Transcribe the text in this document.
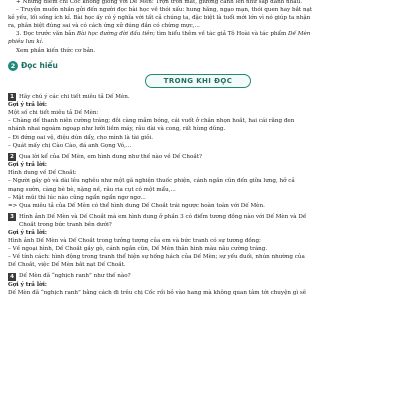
+ Những điểm chỉ Cốc không giống với Dế Mèn: Trợn tròn mắt, giương cánh lên như sắp đánh nhau.
– Truyện muốn nhắn gửi đến người đọc bài học về thói xấu: hung hăng, ngạo mạn, thói quen hay bắt nạt
kẻ yếu, lối sống ích kỉ. Bài học ấy có ý nghĩa với tất cả chúng ta, đặc biệt là tuổi mới lớn vì nó giúp ta nhận
ra, phân biệt đúng sai và có cách ứng xử đúng đắn có chừng mực,...
3. Đọc trước văn bản Bài học đường đời đầu tiên; tìm hiểu thêm về tác giả Tô Hoài và tác phẩm Dế Mèn
phiêu lưu kí.
Xem phần kiến thức cơ bản.
2 Đọc hiểu
TRONG KHI ĐỌC
1 Hãy chú ý các chi tiết miêu tả Dế Mèn.
Gợi ý trả lời:
Một số chi tiết miêu tả Dế Mèn:
– Chàng dế thanh niên cường tráng; đôi càng mẫm bóng, cái vuốt ở chân nhọn hoắt, hai cái răng đen
nhánh nhai ngoàm ngoạp như lưỡi liềm máy, râu dài và cong, rất hùng dũng.
– Đi đứng oai vệ, điệu dún dẩy, cho mình là tài giỏi.
– Quát mấy chị Cào Cào, đá anh Gọng Vó,...
2 Qua lời kể của Dế Mèn, em hình dung như thế nào về Dế Choắt?
Gợi ý trả lời:
Hình dung về Dế Choắt:
– Người gầy gò và dài lêu nghêu như một gã nghiện thuốc phiện, cánh ngắn cũn đến giữa lưng, hở cả
mạng sườn, càng bè bè, nặng nề, râu ria cụt có một mẩu,...
– Mặt mũi thì lúc nào cũng ngẩn ngẩn ngơ ngơ...
=> Qua miêu tả của Dế Mèn có thể hình dung Dế Choắt trái ngược hoàn toàn với Dế Mèn.
3 Hình ảnh Dế Mèn và Dế Choắt mà em hình dung ở phần 3 có điểm tương đồng nào với Dế Mèn và Dế
Choắt trong bức tranh bên dưới?
Gợi ý trả lời:
Hình ảnh Dế Mèn và Dế Choắt trong tưởng tượng của em và bức tranh có sự tương đồng:
– Về ngoại hình, Dế Choắt gầy gò, cánh ngắn cũn, Dế Mèn thân hình màu nâu cường tráng.
– Về tính cách: hình động trong tranh thể hiện sự hống hách của Dế Mèn; sự yếu đuối, nhún nhường của
Dế Choắt, việc Dế Mèn bắt nạt Dế Choắt.
4 Dế Mèn đã “nghịch ranh” như thế nào?
Gợi ý trả lời:
Dế Mèn đã “nghịch ranh” bằng cách đi trêu chị Cốc rồi bỏ vào hang mà không quan tâm tới chuyện gì sẽ
